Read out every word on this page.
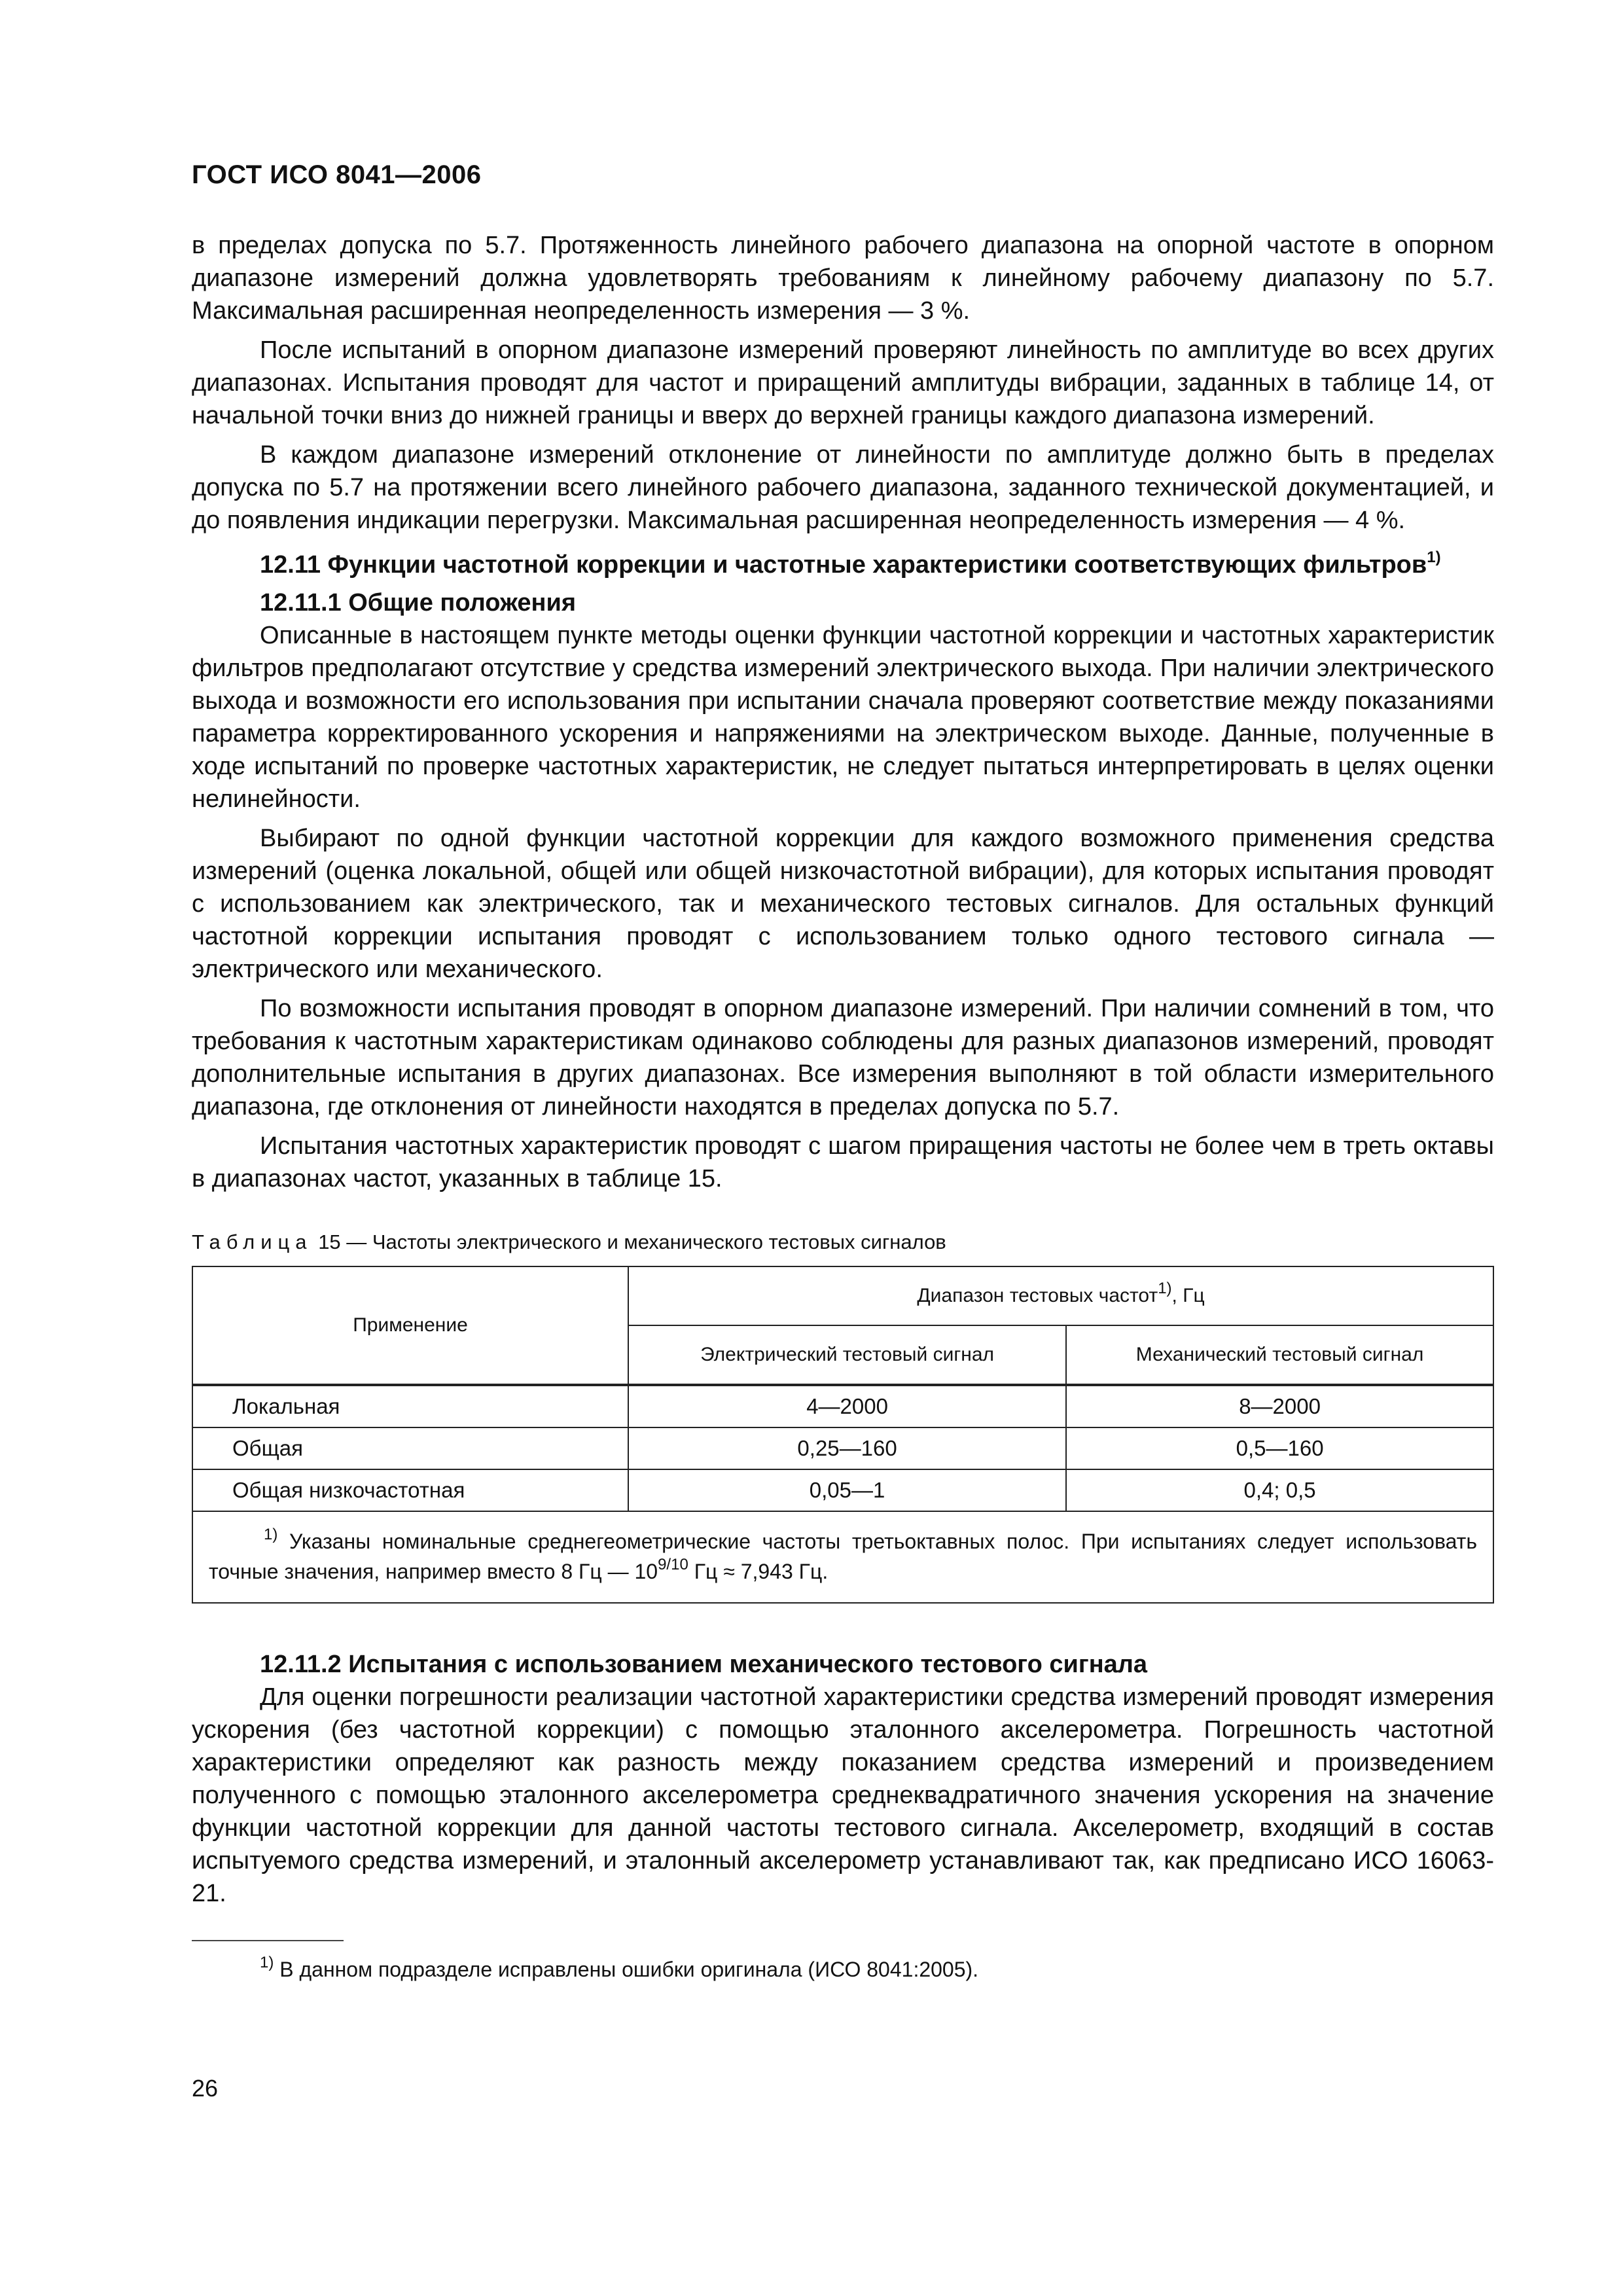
ГОСТ ИСО 8041—2006

в пределах допуска по 5.7. Протяженность линейного рабочего диапазона на опорной частоте в опорном диапазоне измерений должна удовлетворять требованиям к линейному рабочему диапазону по 5.7. Максимальная расширенная неопределенность измерения — 3 %.

После испытаний в опорном диапазоне измерений проверяют линейность по амплитуде во всех других диапазонах. Испытания проводят для частот и приращений амплитуды вибрации, заданных в таблице 14, от начальной точки вниз до нижней границы и вверх до верхней границы каждого диапазона измерений.

В каждом диапазоне измерений отклонение от линейности по амплитуде должно быть в пределах допуска по 5.7 на протяжении всего линейного рабочего диапазона, заданного технической документацией, и до появления индикации перегрузки. Максимальная расширенная неопределенность измерения — 4 %.

12.11 Функции частотной коррекции и частотные характеристики соответствующих фильтров$^{1)}$
12.11.1 Общие положения

Описанные в настоящем пункте методы оценки функции частотной коррекции и частотных характеристик фильтров предполагают отсутствие у средства измерений электрического выхода. При наличии электрического выхода и возможности его использования при испытании сначала проверяют соответствие между показаниями параметра корректированного ускорения и напряжениями на электрическом выходе. Данные, полученные в ходе испытаний по проверке частотных характеристик, не следует пытаться интерпретировать в целях оценки нелинейности.

Выбирают по одной функции частотной коррекции для каждого возможного применения средства измерений (оценка локальной, общей или общей низкочастотной вибрации), для которых испытания проводят с использованием как электрического, так и механического тестовых сигналов. Для остальных функций частотной коррекции испытания проводят с использованием только одного тестового сигнала — электрического или механического.

По возможности испытания проводят в опорном диапазоне измерений. При наличии сомнений в том, что требования к частотным характеристикам одинаково соблюдены для разных диапазонов измерений, проводят дополнительные испытания в других диапазонах. Все измерения выполняют в той области измерительного диапазона, где отклонения от линейности находятся в пределах допуска по 5.7.

Испытания частотных характеристик проводят с шагом приращения частоты не более чем в треть октавы в диапазонах частот, указанных в таблице 15.

Таблица 15 — Частоты электрического и механического тестовых сигналов
Применение	Диапазон тестовых частот$^{1)}$, Гц	
	Электрический тестовый сигнал	Механический тестовый сигнал
Локальная	4—2000	8—2000
Общая	0,25—160	0,5—160
Общая низкочастотная	0,05—1	0,4; 0,5

$^{1)}$ Указаны номинальные среднегеометрические частоты третьоктавных полос. При испытаниях следует использовать точные значения, например вместо 8 Гц — $10^{9/10}$ Гц ≈ 7,943 Гц.		
12.11.2 Испытания с использованием механического тестового сигнала

Для оценки погрешности реализации частотной характеристики средства измерений проводят измерения ускорения (без частотной коррекции) с помощью эталонного акселерометра. Погрешность частотной характеристики определяют как разность между показанием средства измерений и произведением полученного с помощью эталонного акселерометра среднеквадратичного значения ускорения на значение функции частотной коррекции для данной частоты тестового сигнала. Акселерометр, входящий в состав испытуемого средства измерений, и эталонный акселерометр устанавливают так, как предписано ИСО 16063-21.

$^{1)}$ В данном подразделе исправлены ошибки оригинала (ИСО 8041:2005).
26
